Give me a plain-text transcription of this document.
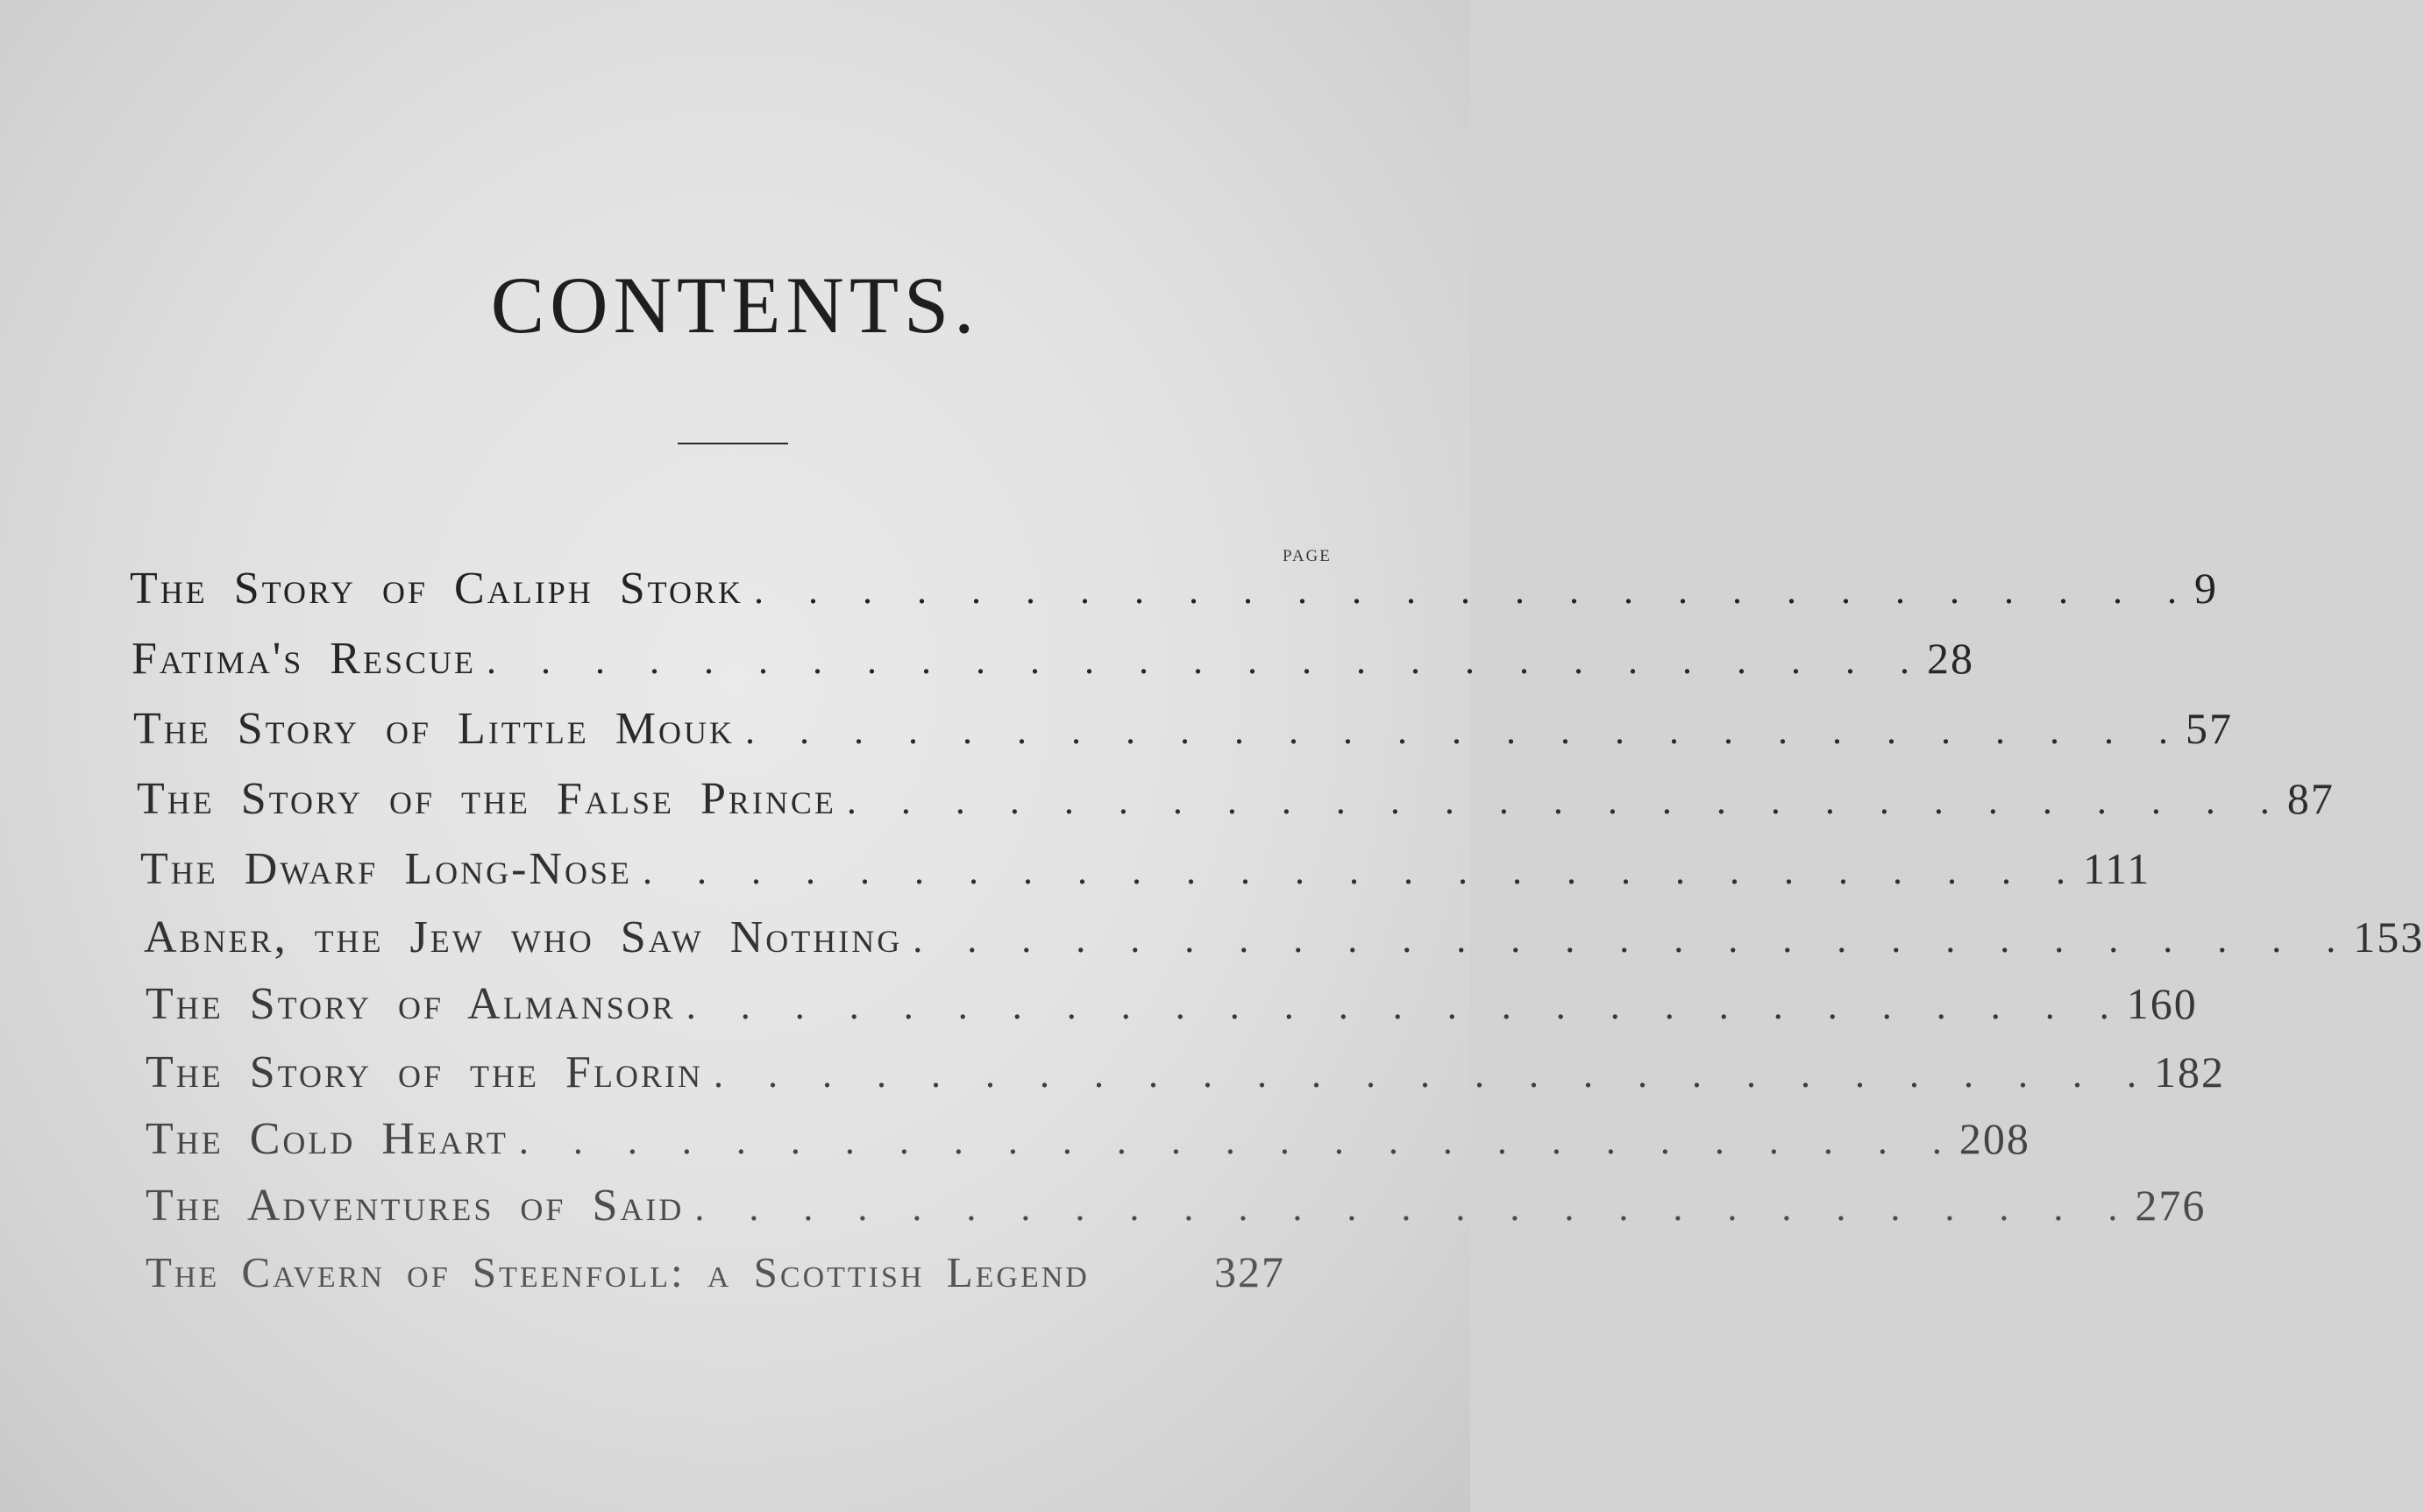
CONTENTS.
PAGE
The Story of Caliph Stork . . . . . . . . . . . . . . . . . . . . . . . . . . . 9
Fatima's Rescue . . . . . . . . . . . . . . . . . . . . . . . . . . . 28
The Story of Little Mouk . . . . . . . . . . . . . . . . . . . . . . . . . . . 57
The Story of the False Prince . . . . . . . . . . . . . . . . . . . . . . . . . . . 87
The Dwarf Long-Nose . . . . . . . . . . . . . . . . . . . . . . . . . . . 111
Abner, the Jew who Saw Nothing . . . . . . . . . . . . . . . . . . . . . . . . . . . 153
The Story of Almansor . . . . . . . . . . . . . . . . . . . . . . . . . . . 160
The Story of the Florin . . . . . . . . . . . . . . . . . . . . . . . . . . . 182
The Cold Heart . . . . . . . . . . . . . . . . . . . . . . . . . . . 208
The Adventures of Said . . . . . . . . . . . . . . . . . . . . . . . . . . . 276
The Cavern of Steenfoll: a Scottish Legend	327
